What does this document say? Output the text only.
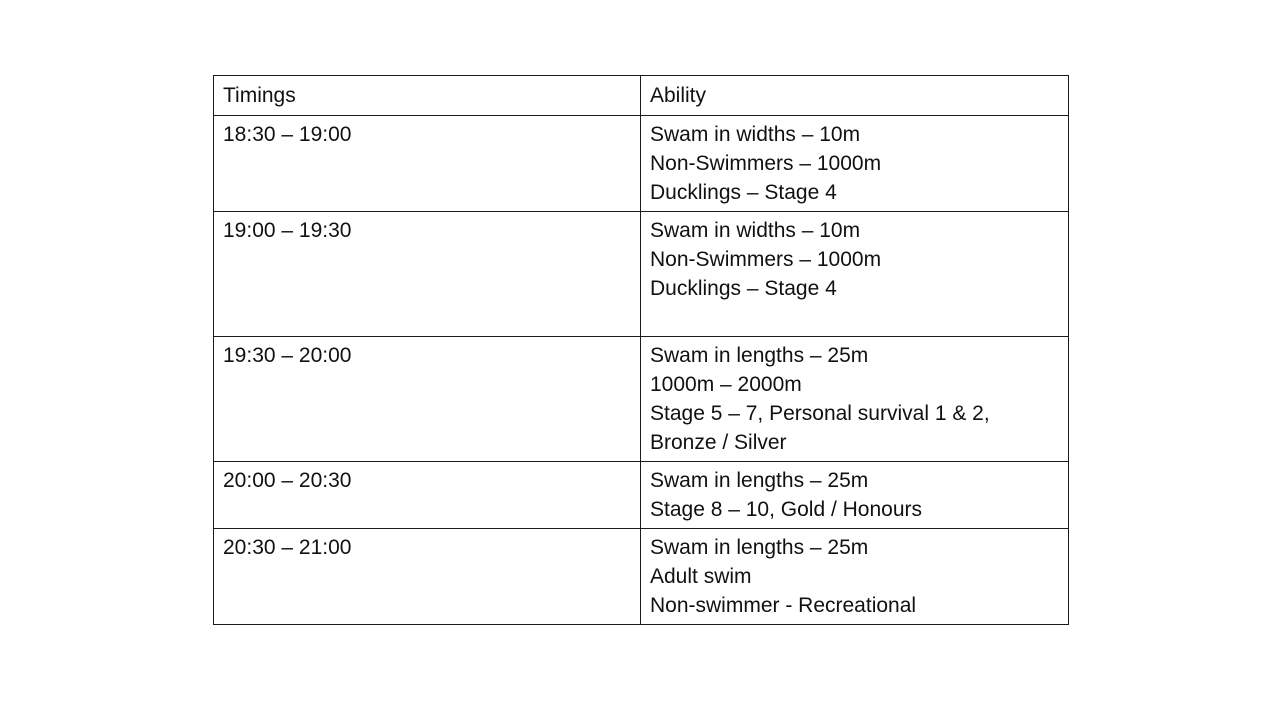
Timings	Ability
18:30 – 19:00	Swam in widths – 10m
Non-Swimmers – 1000m
Ducklings – Stage 4

19:00 – 19:30	Swam in widths – 10m
Non-Swimmers – 1000m
Ducklings – Stage 4

19:30 – 20:00	Swam in lengths – 25m
1000m – 2000m
Stage 5 – 7, Personal survival 1 & 2,
Bronze / Silver

20:00 – 20:30	Swam in lengths – 25m
Stage 8 – 10, Gold / Honours

20:30 – 21:00	Swam in lengths – 25m
Adult swim
Non-swimmer - Recreational
